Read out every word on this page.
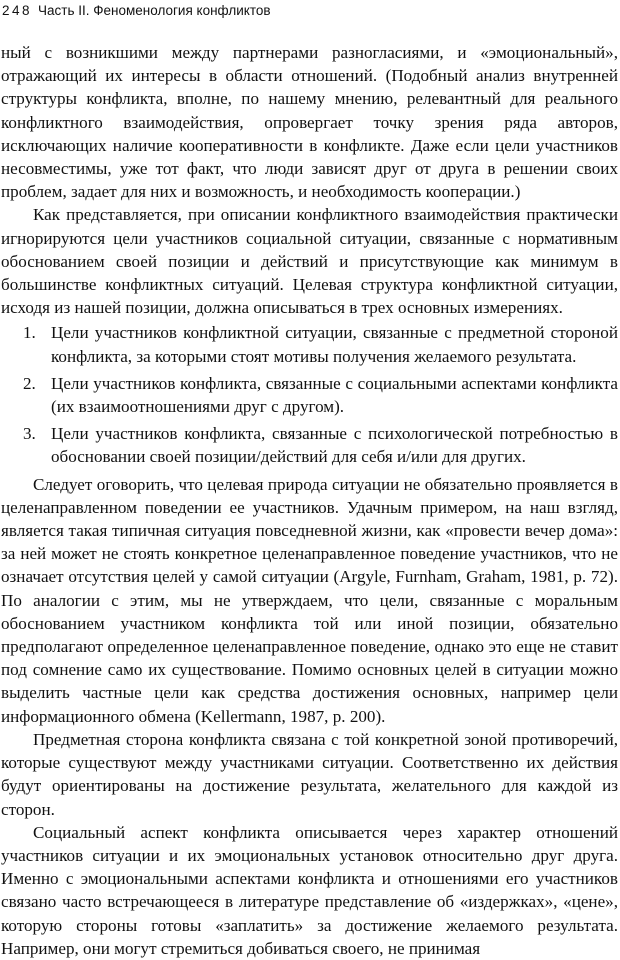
248 Часть II. Феноменология конфликтов

ный с возникшими между партнерами разногласиями, и «эмоциональный», отражающий их интересы в области отношений. (Подобный анализ внутренней структуры конфликта, вполне, по нашему мнению, релевантный для реального конфликтного взаимодействия, опровергает точку зрения ряда авторов, исключающих наличие кооперативности в конфликте. Даже если цели участников несовместимы, уже тот факт, что люди зависят друг от друга в решении своих проблем, задает для них и возможность, и необходимость кооперации.)

Как представляется, при описании конфликтного взаимодействия практически игнорируются цели участников социальной ситуации, связанные с нормативным обоснованием своей позиции и действий и присутствующие как минимум в большинстве конфликтных ситуаций. Целевая структура конфликтной ситуации, исходя из нашей позиции, должна описываться в трех основных измерениях.

1. Цели участников конфликтной ситуации, связанные с предметной стороной конфликта, за которыми стоят мотивы получения желаемого результата.
2. Цели участников конфликта, связанные с социальными аспектами конфликта (их взаимоотношениями друг с другом).
3. Цели участников конфликта, связанные с психологической потребностью в обосновании своей позиции/действий для себя и/или для других.

Следует оговорить, что целевая природа ситуации не обязательно проявляется в целенаправленном поведении ее участников. Удачным примером, на наш взгляд, является такая типичная ситуация повседневной жизни, как «провести вечер дома»: за ней может не стоять конкретное целенаправленное поведение участников, что не означает отсутствия целей у самой ситуации (Argyle, Furnham, Graham, 1981, p. 72). По аналогии с этим, мы не утверждаем, что цели, связанные с моральным обоснованием участником конфликта той или иной позиции, обязательно предполагают определенное целенаправленное поведение, однако это еще не ставит под сомнение само их существование. Помимо основных целей в ситуации можно выделить частные цели как средства достижения основных, например цели информационного обмена (Kellermann, 1987, p. 200).

Предметная сторона конфликта связана с той конкретной зоной противоречий, которые существуют между участниками ситуации. Соответственно их действия будут ориентированы на достижение результата, желательного для каждой из сторон.

Социальный аспект конфликта описывается через характер отношений участников ситуации и их эмоциональных установок относительно друг друга. Именно с эмоциональными аспектами конфликта и отношениями его участников связано часто встречающееся в литературе представление об «издержках», «цене», которую стороны готовы «заплатить» за достижение желаемого результата. Например, они могут стремиться добиваться своего, не принимая
